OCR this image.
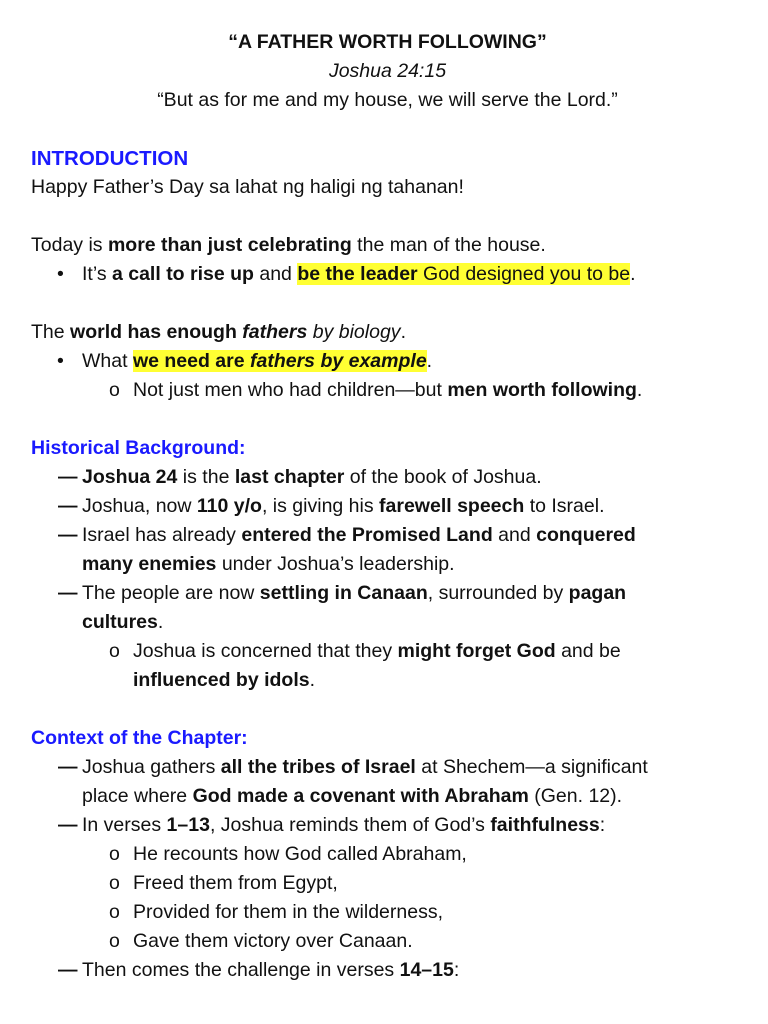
“A FATHER WORTH FOLLOWING”
Joshua 24:15
“But as for me and my house, we will serve the Lord.”
INTRODUCTION
Happy Father’s Day sa lahat ng haligi ng tahanan!
Today is more than just celebrating the man of the house.
• It’s a call to rise up and be the leader God designed you to be.
The world has enough fathers by biology.
• What we need are fathers by example.
o Not just men who had children—but men worth following.
Historical Background:
— Joshua 24 is the last chapter of the book of Joshua.
— Joshua, now 110 y/o, is giving his farewell speech to Israel.
— Israel has already entered the Promised Land and conquered
many enemies under Joshua’s leadership.
— The people are now settling in Canaan, surrounded by pagan
cultures.
o Joshua is concerned that they might forget God and be
influenced by idols.
Context of the Chapter:
— Joshua gathers all the tribes of Israel at Shechem—a significant
place where God made a covenant with Abraham (Gen. 12).
— In verses 1–13, Joshua reminds them of God’s faithfulness:
o He recounts how God called Abraham,
o Freed them from Egypt,
o Provided for them in the wilderness,
o Gave them victory over Canaan.
— Then comes the challenge in verses 14–15:
